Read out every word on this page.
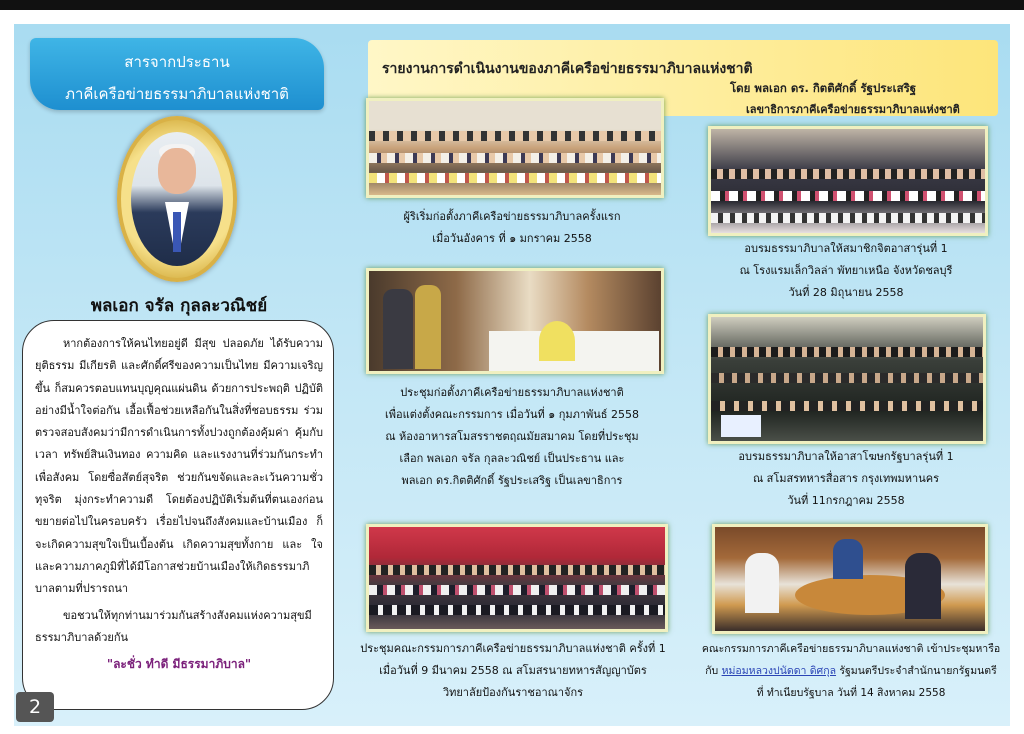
สารจากประธาน
ภาคีเครือข่ายธรรมาภิบาลแห่งชาติ
พลเอก จรัล กุลละวณิชย์

หากต้องการให้คนไทยอยู่ดี มีสุข ปลอดภัย ได้รับความยุติธรรม มีเกียรติ และศักดิ์ศรีของความเป็นไทย มีความเจริญขึ้น ก็สมควรตอบแทนบุญคุณแผ่นดิน ด้วยการประพฤติ ปฏิบัติ อย่างมีน้ำใจต่อกัน เอื้อเฟื้อช่วยเหลือกันในสิ่งที่ชอบธรรม ร่วมตรวจสอบสังคมว่ามีการดำเนินการทั้งปวงถูกต้องคุ้มค่า คุ้มกับเวลา ทรัพย์สินเงินทอง ความคิด และแรงงานที่ร่วมกันกระทำเพื่อสังคม โดยซื่อสัตย์สุจริต ช่วยกันขจัดและละเว้นความชั่วทุจริต มุ่งกระทำความดี โดยต้องปฏิบัติเริ่มต้นที่ตนเองก่อน ขยายต่อไปในครอบครัว เรื่อยไปจนถึงสังคมและบ้านเมือง ก็จะเกิดความสุขใจเป็นเบื้องต้น เกิดความสุขทั้งกาย และ ใจ และความภาคภูมิที่ได้มีโอกาสช่วยบ้านเมืองให้เกิดธรรมาภิบาลตามที่ปรารถนา

ขอชวนให้ทุกท่านมาร่วมกันสร้างสังคมแห่งความสุขมีธรรมาภิบาลด้วยกัน

"ละชั่ว ทำดี มีธรรมาภิบาล"
รายงานการดำเนินงานของภาคีเครือข่ายธรรมาภิบาลแห่งชาติ
โดย พลเอก ดร. กิตติศักดิ์ รัฐประเสริฐ
เลขาธิการภาคีเครือข่ายธรรมาภิบาลแห่งชาติ
ผู้ริเริ่มก่อตั้งภาคีเครือข่ายธรรมาภิบาลครั้งแรก
เมื่อวันอังคาร ที่ ๑ มกราคม 2558
อบรมธรรมาภิบาลให้สมาชิกจิตอาสารุ่นที่ 1
ณ โรงแรมเล็กวิลล่า พัทยาเหนือ จังหวัดชลบุรี
วันที่ 28 มิถุนายน 2558
ประชุมก่อตั้งภาคีเครือข่ายธรรมาภิบาลแห่งชาติ
เพื่อแต่งตั้งคณะกรรมการ เมื่อวันที่ ๑ กุมภาพันธ์ 2558
ณ ห้องอาหารสโมสรราชตฤณมัยสมาคม โดยที่ประชุม
เลือก พลเอก จรัล กุลละวณิชย์ เป็นประธาน และ
พลเอก ดร.กิตติศักดิ์ รัฐประเสริฐ เป็นเลขาธิการ
อบรมธรรมาภิบาลให้อาสาโฆษกรัฐบาลรุ่นที่ 1
ณ สโมสรทหารสื่อสาร กรุงเทพมหานคร
วันที่ 11กรกฎาคม 2558
ประชุมคณะกรรมการภาคีเครือข่ายธรรมาภิบาลแห่งชาติ ครั้งที่ 1
เมื่อวันที่ 9 มีนาคม 2558 ณ สโมสรนายทหารสัญญาบัตร
วิทยาลัยป้องกันราชอาณาจักร
คณะกรรมการภาคีเครือข่ายธรรมาภิบาลแห่งชาติ เข้าประชุมหารือ
กับ หม่อมหลวงปนัดดา ดิศกุล รัฐมนตรีประจำสำนักนายกรัฐมนตรี
ที่ ทำเนียบรัฐบาล วันที่ 14 สิงหาคม 2558
2
